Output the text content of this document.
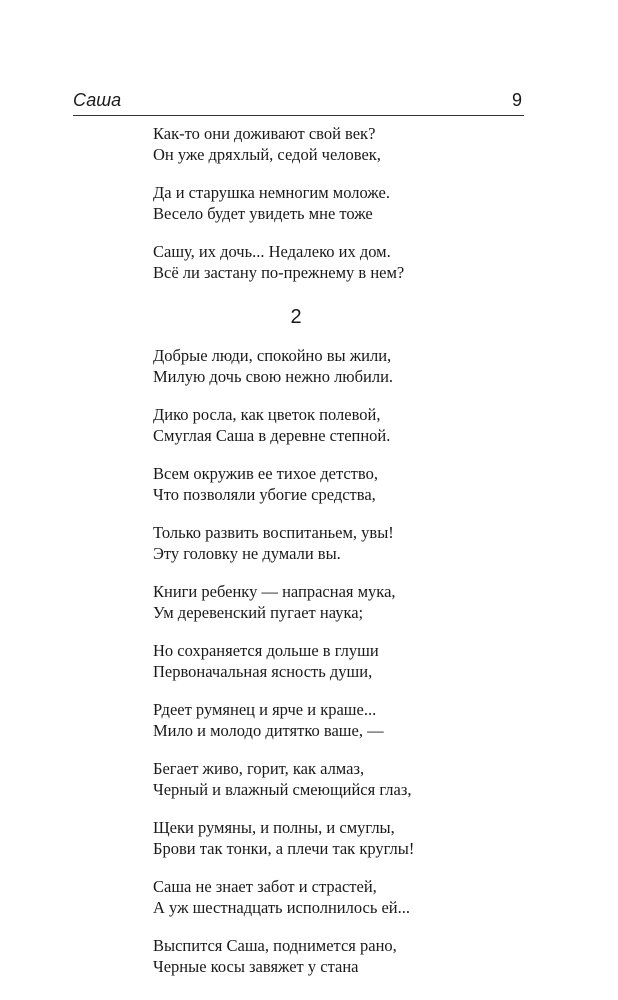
Саша	9
Как-то они доживают свой век?
Он уже дряхлый, седой человек,
Да и старушка немногим моложе.
Весело будет увидеть мне тоже
Сашу, их дочь... Недалеко их дом.
Всё ли застану по-прежнему в нем?
2
Добрые люди, спокойно вы жили,
Милую дочь свою нежно любили.
Дико росла, как цветок полевой,
Смуглая Саша в деревне степной.
Всем окружив ее тихое детство,
Что позволяли убогие средства,
Только развить воспитаньем, увы!
Эту головку не думали вы.
Книги ребенку — напрасная мука,
Ум деревенский пугает наука;
Но сохраняется дольше в глуши
Первоначальная ясность души,
Рдеет румянец и ярче и краше...
Мило и молодо дитятко ваше, —
Бегает живо, горит, как алмаз,
Черный и влажный смеющийся глаз,
Щеки румяны, и полны, и смуглы,
Брови так тонки, а плечи так круглы!
Саша не знает забот и страстей,
А уж шестнадцать исполнилось ей...
Выспится Саша, поднимется рано,
Черные косы завяжет у стана
